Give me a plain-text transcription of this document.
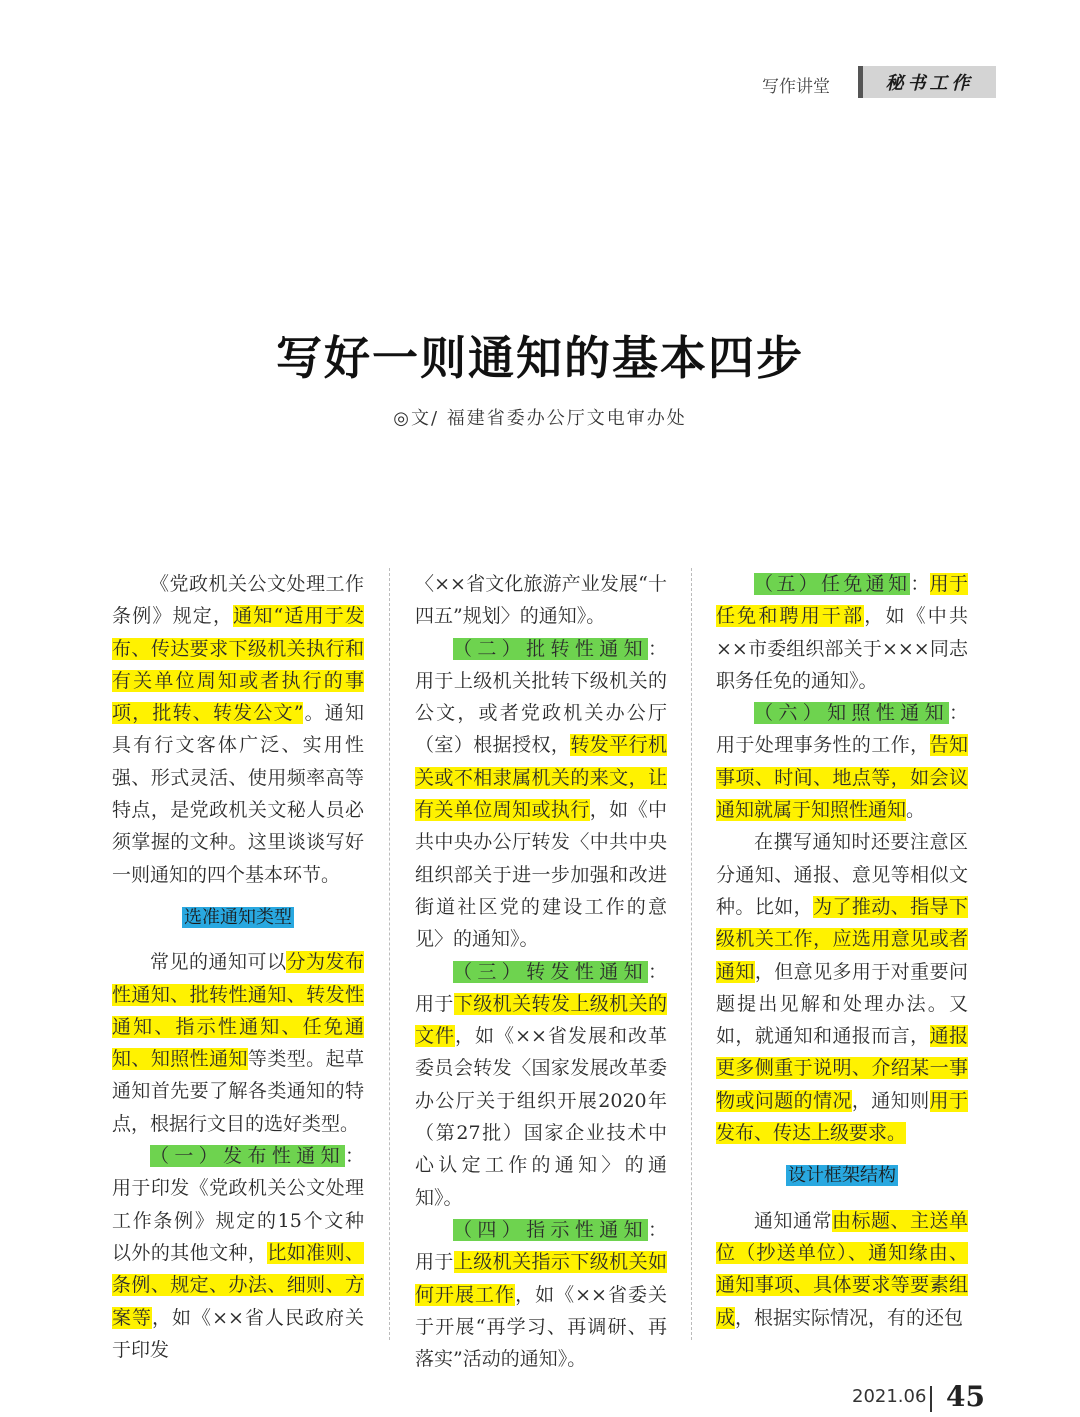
写作讲堂	秘书工作
写好一则通知的基本四步
◎文/ 福建省委办公厅文电审办处

《党政机关公文处理工作条例》规定，通知“适用于发布、传达要求下级机关执行和有关单位周知或者执行的事项，批转、转发公文”。通知具有行文客体广泛、实用性强、形式灵活、使用频率高等特点，是党政机关文秘人员必须掌握的文种。这里谈谈写好一则通知的四个基本环节。

选准通知类型

常见的通知可以分为发布性通知、批转性通知、转发性通知、指示性通知、任免通知、知照性通知等类型。起草通知首先要了解各类通知的特点，根据行文目的选好类型。

（一）发布性通知：用于印发《党政机关公文处理工作条例》规定的15个文种以外的其他文种，比如准则、条例、规定、办法、细则、方案等，如《××省人民政府关于印发

〈××省文化旅游产业发展“十四五”规划〉的通知》。

（二）批转性通知：用于上级机关批转下级机关的公文，或者党政机关办公厅（室）根据授权，转发平行机关或不相隶属机关的来文，让有关单位周知或执行，如《中共中央办公厅转发〈中共中央组织部关于进一步加强和改进街道社区党的建设工作的意见〉的通知》。

（三）转发性通知：用于下级机关转发上级机关的文件，如《××省发展和改革委员会转发〈国家发展改革委办公厅关于组织开展2020年（第27批）国家企业技术中心认定工作的通知〉的通知》。

（四）指示性通知：用于上级机关指示下级机关如何开展工作，如《××省委关于开展“再学习、再调研、再落实”活动的通知》。

（五）任免通知：用于任免和聘用干部，如《中共××市委组织部关于×××同志职务任免的通知》。

（六）知照性通知：用于处理事务性的工作，告知事项、时间、地点等，如会议通知就属于知照性通知。

在撰写通知时还要注意区分通知、通报、意见等相似文种。比如，为了推动、指导下级机关工作，应选用意见或者通知，但意见多用于对重要问题提出见解和处理办法。又如，就通知和通报而言，通报更多侧重于说明、介绍某一事物或问题的情况，通知则用于发布、传达上级要求。

设计框架结构

通知通常由标题、主送单位（抄送单位）、通知缘由、通知事项、具体要求等要素组成，根据实际情况，有的还包

2021.06 45
